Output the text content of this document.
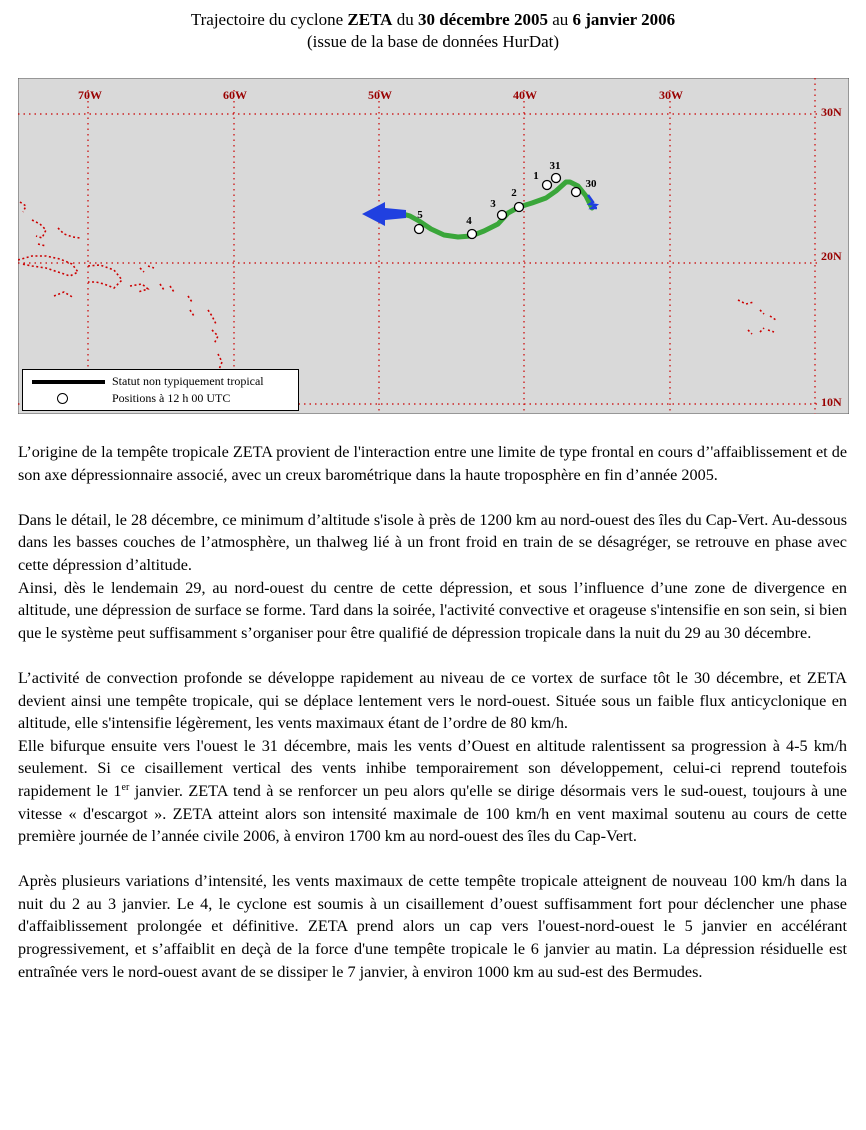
Trajectoire du cyclone ZETA du 30 décembre 2005 au 6 janvier 2006
(issue de la base de données HurDat)
70W	60W	50W	40W	30W
30N
20N
10N
31
30
1
2
3
4
5
Statut non typiquement tropical
Positions à 12 h 00 UTC

L’origine de la tempête tropicale ZETA provient de l'interaction entre une limite de type frontal en cours d’'affaiblissement et de son axe dépressionnaire associé, avec un creux barométrique dans la haute troposphère en fin d’année 2005.

Dans le détail, le 28 décembre, ce minimum d’altitude s'isole à près de 1200 km au nord-ouest des îles du Cap-Vert. Au-dessous dans les basses couches de l’atmosphère, un thalweg lié à un front froid en train de se désagréger, se retrouve en phase avec cette dépression d’altitude.

Ainsi, dès le lendemain 29, au nord-ouest du centre de cette dépression, et sous l’influence d’une zone de divergence en altitude, une dépression de surface se forme. Tard dans la soirée, l'activité convective et orageuse s'intensifie en son sein, si bien que le système peut suffisamment s’organiser pour être qualifié de dépression tropicale dans la nuit du 29 au 30 décembre.

L’activité de convection profonde se développe rapidement au niveau de ce vortex de surface tôt le 30 décembre, et ZETA devient ainsi une tempête tropicale, qui se déplace lentement vers le nord-ouest. Située sous un faible flux anticyclonique en altitude, elle s'intensifie légèrement, les vents maximaux étant de l’ordre de 80 km/h.

Elle bifurque ensuite vers l'ouest le 31 décembre, mais les vents d’Ouest en altitude ralentissent sa progression à 4-5 km/h seulement. Si ce cisaillement vertical des vents inhibe temporairement son développement, celui-ci reprend toutefois rapidement le 1er janvier. ZETA tend à se renforcer un peu alors qu'elle se dirige désormais vers le sud-ouest, toujours à une vitesse « d'escargot ». ZETA atteint alors son intensité maximale de 100 km/h en vent maximal soutenu au cours de cette première journée de l’année civile 2006, à environ 1700 km au nord-ouest des îles du Cap-Vert.

Après plusieurs variations d’intensité, les vents maximaux de cette tempête tropicale atteignent de nouveau 100 km/h dans la nuit du 2 au 3 janvier. Le 4, le cyclone est soumis à un cisaillement d’ouest suffisamment fort pour déclencher une phase d'affaiblissement prolongée et définitive. ZETA prend alors un cap vers l'ouest-nord-ouest le 5 janvier en accélérant progressivement, et s’affaiblit en deçà de la force d'une tempête tropicale le 6 janvier au matin. La dépression résiduelle est entraînée vers le nord-ouest avant de se dissiper le 7 janvier, à environ 1000 km au sud-est des Bermudes.
